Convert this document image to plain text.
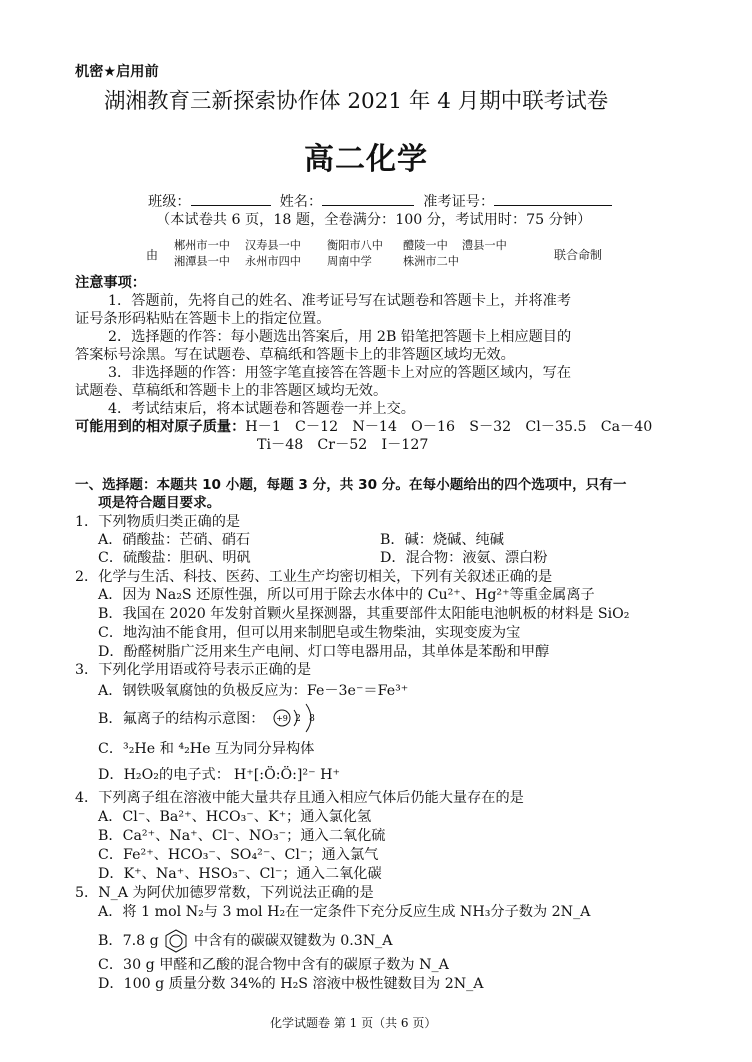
机密★启用前
湖湘教育三新探索协作体 2021 年 4 月期中联考试卷
高二化学
班级：	姓名：	准考证号：
（本试卷共 6 页，18 题，全卷满分：100 分，考试用时：75 分钟）
由
郴州市一中 汉寿县一中 衡阳市八中 醴陵一中 澧县一中
湘潭县一中 永州市四中 周南中学	株洲市二中	联合命制
注意事项：
1．答题前，先将自己的姓名、准考证号写在试题卷和答题卡上，并将准考
证号条形码粘贴在答题卡上的指定位置。
2．选择题的作答：每小题选出答案后，用 2B 铅笔把答题卡上相应题目的
答案标号涂黑。写在试题卷、草稿纸和答题卡上的非答题区域均无效。
3．非选择题的作答：用签字笔直接答在答题卡上对应的答题区域内，写在
试题卷、草稿纸和答题卡上的非答题区域均无效。
4．考试结束后，将本试题卷和答题卷一并上交。
可能用到的相对原子质量：H－1　C－12　N－14　O－16　S－32　Cl－35.5　Ca－40
Ti－48　Cr－52　I－127
一、选择题：本题共 10 小题，每题 3 分，共 30 分。在每小题给出的四个选项中，只有一
项是符合题目要求。
1．下列物质归类正确的是
A．硝酸盐：芒硝、硝石	B．碱：烧碱、纯碱
C．硫酸盐：胆矾、明矾	D．混合物：液氨、漂白粉
2．化学与生活、科技、医药、工业生产均密切相关，下列有关叙述正确的是
A．因为 Na₂S 还原性强，所以可用于除去水体中的 Cu²⁺、Hg²⁺等重金属离子
B．我国在 2020 年发射首颗火星探测器，其重要部件太阳能电池帆板的材料是 SiO₂
C．地沟油不能食用，但可以用来制肥皂或生物柴油，实现变废为宝
D．酚醛树脂广泛用来生产电闸、灯口等电器用品，其单体是苯酚和甲醇
3．下列化学用语或符号表示正确的是
A．钢铁吸氧腐蚀的负极反应为：Fe－3e⁻＝Fe³⁺
B．氟离子的结构示意图： +9 2 8
C．³₂He 和 ⁴₂He 互为同分异构体
D．H₂O₂的电子式： H⁺[:Ö:Ö:]²⁻ H⁺
4．下列离子组在溶液中能大量共存且通入相应气体后仍能大量存在的是
A．Cl⁻、Ba²⁺、HCO₃⁻、K⁺；通入氯化氢
B．Ca²⁺、Na⁺、Cl⁻、NO₃⁻；通入二氧化硫
C．Fe²⁺、HCO₃⁻、SO₄²⁻、Cl⁻；通入氯气
D．K⁺、Na⁺、HSO₃⁻、Cl⁻；通入二氧化碳
5．N_A 为阿伏加德罗常数，下列说法正确的是
A．将 1 mol N₂与 3 mol H₂在一定条件下充分反应生成 NH₃分子数为 2N_A
B．7.8 g 中含有的碳碳双键数为 0.3N_A
C．30 g 甲醛和乙酸的混合物中含有的碳原子数为 N_A
D．100 g 质量分数 34%的 H₂S 溶液中极性键数目为 2N_A
化学试题卷 第 1 页（共 6 页）
